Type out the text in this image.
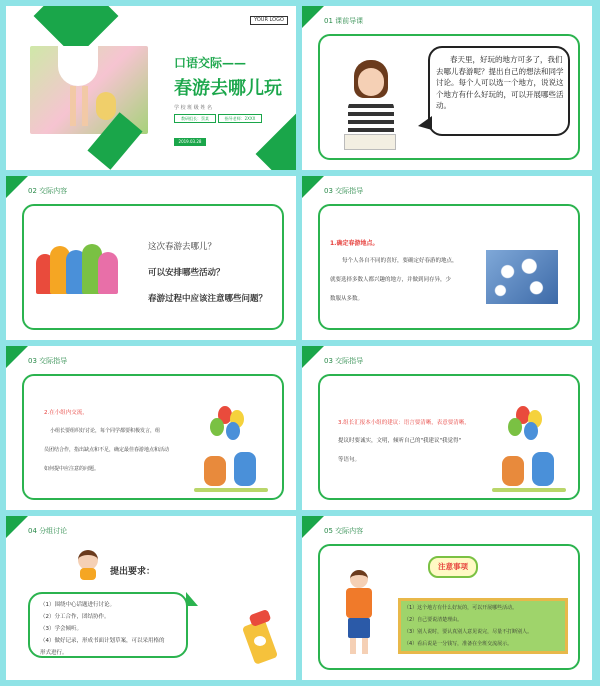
YOUR LOGO
口语交际——
春游去哪儿玩
学 校 班 级 姓 名
教研组长：蔡某	指导老师：2XXX
2019.03.28
01 课前导课
春天里，好玩的地方可多了，我们去哪儿春游呢？提出自己的想法和同学讨论。每个人可以选一个地方，说说这个地方有什么好玩的，可以开展哪些活动。
02 交际内容
这次春游去哪儿？
可以安排哪些活动？
春游过程中应该注意哪些问题？
03 交际指导
1.确定春游地点。
每个人各自不同的喜好，要确定好春游的地点，
就要选择多数人都兴趣的地方，并做到同存异，少
数服从多数。
03 交际指导
2.在小组内交流，
小组长要组织好讨论，每个同学都要积极发言，组
员团结合作，指出缺点和不足，确定最佳春游地点和活动
如何提中应注意的问题。
03 交际指导
3.组长汇报本小组的建议：语言要清晰，表意要清晰，
提议时要诚实，文明，倾听自己的"我建议"我觉得"
等语句。
04 分组讨论
提出要求：
（1）围绕中心话题进行讨论。
（2）分工合作，团结协作。
（3）学会倾听。
（4）做好记录，形成书面计划草案，可以采用格的
形式进行。
05 交际内容
注意事项
（1）这个地方有什么好玩的，可以开展哪些活动。
（2）自己要说清楚理由。
（3）别人说时，要认真别人意见说完，尽量不打断别人。
（4）看后说是一分钱写，准备在全班交流展示。
